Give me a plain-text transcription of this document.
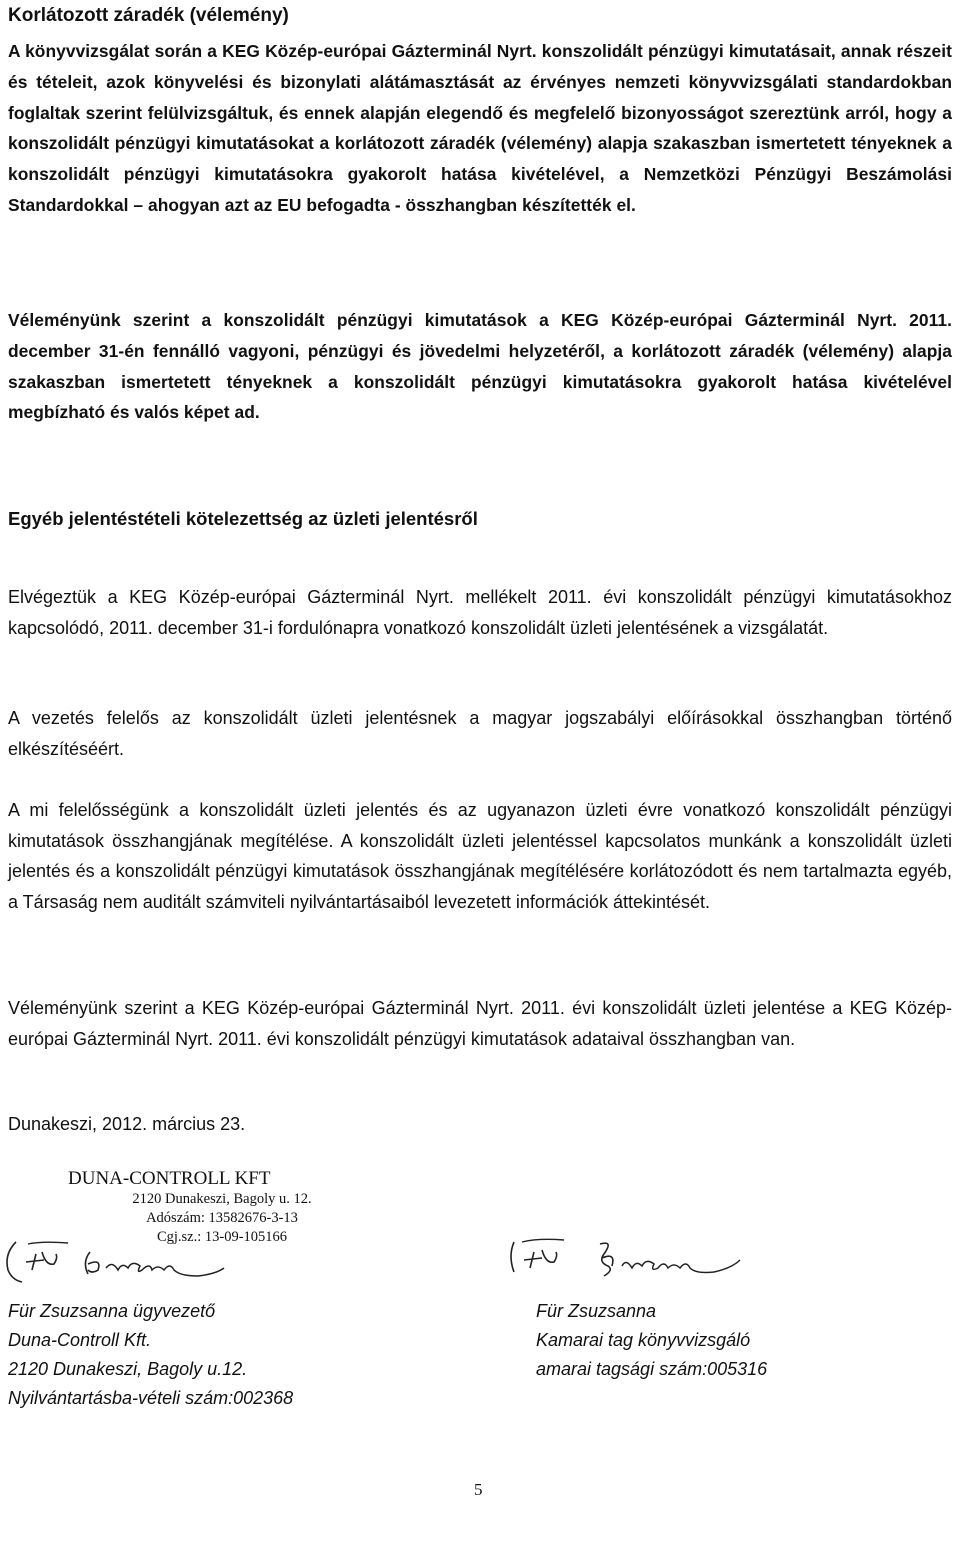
Korlátozott záradék (vélemény)
A könyvvizsgálat során a KEG Közép-európai Gázterminál Nyrt. konszolidált pénzügyi kimutatásait, annak részeit és tételeit, azok könyvelési és bizonylati alátámasztását az érvényes nemzeti könyvvizsgálati standardokban foglaltak szerint felülvizsgáltuk, és ennek alapján elegendő és megfelelő bizonyosságot szereztünk arról, hogy a konszolidált pénzügyi kimutatásokat a korlátozott záradék (vélemény) alapja szakaszban ismertetett tényeknek a konszolidált pénzügyi kimutatásokra gyakorolt hatása kivételével, a Nemzetközi Pénzügyi Beszámolási Standardokkal – ahogyan azt az EU befogadta - összhangban készítették el.
Véleményünk szerint a konszolidált pénzügyi kimutatások a KEG Közép-európai Gázterminál Nyrt. 2011. december 31-én fennálló vagyoni, pénzügyi és jövedelmi helyzetéről, a korlátozott záradék (vélemény) alapja szakaszban ismertetett tényeknek a konszolidált pénzügyi kimutatásokra gyakorolt hatása kivételével megbízható és valós képet ad.
Egyéb jelentéstételi kötelezettség az üzleti jelentésről
Elvégeztük a KEG Közép-európai Gázterminál Nyrt. mellékelt 2011. évi konszolidált pénzügyi kimutatásokhoz kapcsolódó, 2011. december 31-i fordulónapra vonatkozó konszolidált üzleti jelentésének a vizsgálatát.
A vezetés felelős az konszolidált üzleti jelentésnek a magyar jogszabályi előírásokkal összhangban történő elkészítéséért.
A mi felelősségünk a konszolidált üzleti jelentés és az ugyanazon üzleti évre vonatkozó konszolidált pénzügyi kimutatások összhangjának megítélése. A konszolidált üzleti jelentéssel kapcsolatos munkánk a konszolidált üzleti jelentés és a konszolidált pénzügyi kimutatások összhangjának megítélésére korlátozódott és nem tartalmazta egyéb, a Társaság nem auditált számviteli nyilvántartásaiból levezetett információk áttekintését.
Véleményünk szerint a KEG Közép-európai Gázterminál Nyrt. 2011. évi konszolidált üzleti jelentése a KEG Közép-európai Gázterminál Nyrt. 2011. évi konszolidált pénzügyi kimutatások adataival összhangban van.
Dunakeszi, 2012. március 23.
DUNA-CONTROLL KFT
2120 Dunakeszi, Bagoly u. 12.
Adószám: 13582676-3-13
Cgj.sz.: 13-09-105166
Für Zsuzsanna ügyvezető
Duna-Controll Kft.
2120 Dunakeszi, Bagoly u.12.
Nyilvántartásba-vételi szám:002368
Für Zsuzsanna
Kamarai tag könyvvizsgáló
amarai tagsági szám:005316
5
